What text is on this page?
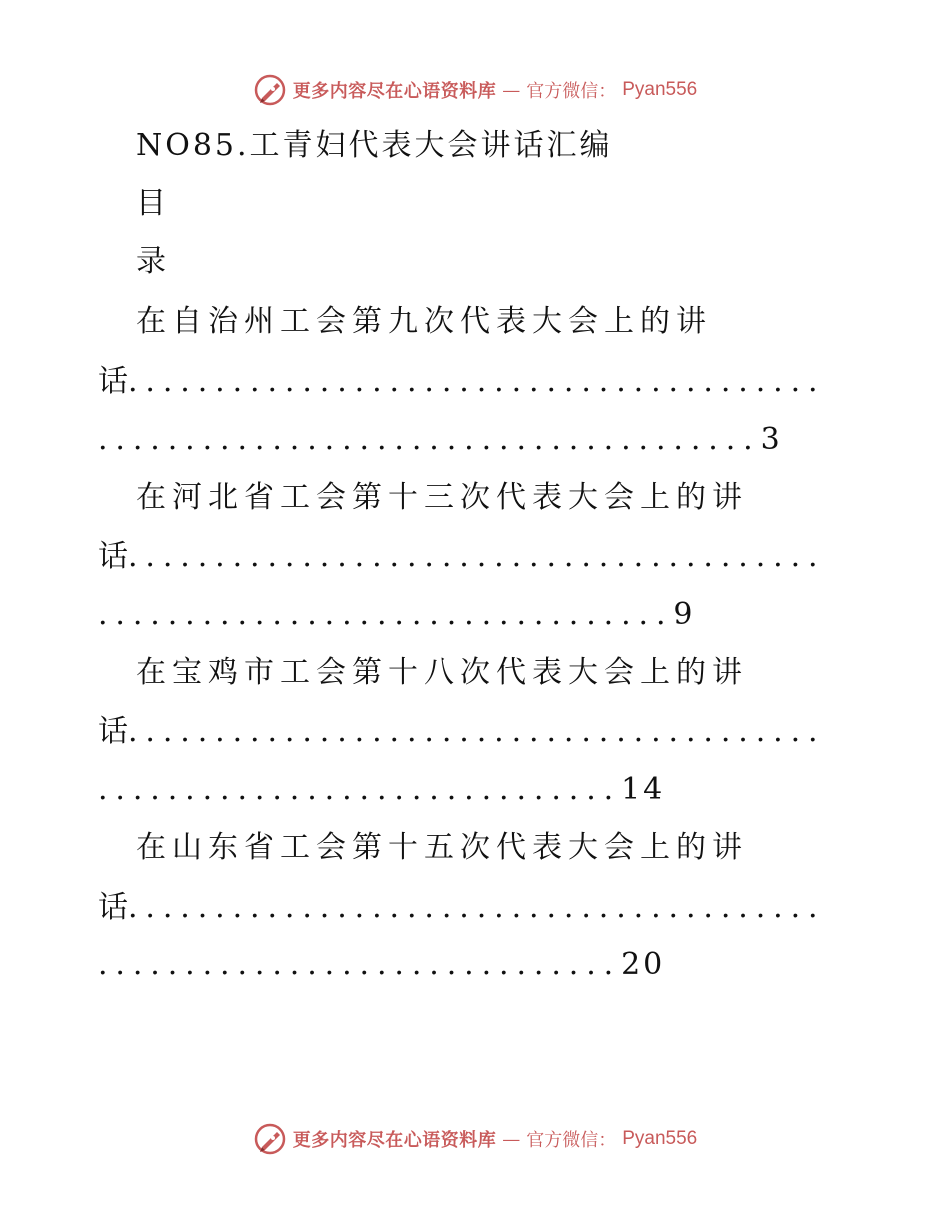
更多内容尽在心语资料库 — 官方微信： Pyan556
NO85.工青妇代表大会讲话汇编
目
录
在自治州工会第九次代表大会上的讲
话........................................
......................................3
在河北省工会第十三次代表大会上的讲
话........................................
.................................9
在宝鸡市工会第十八次代表大会上的讲
话........................................
..............................14
在山东省工会第十五次代表大会上的讲
话........................................
..............................20
更多内容尽在心语资料库 — 官方微信： Pyan556
